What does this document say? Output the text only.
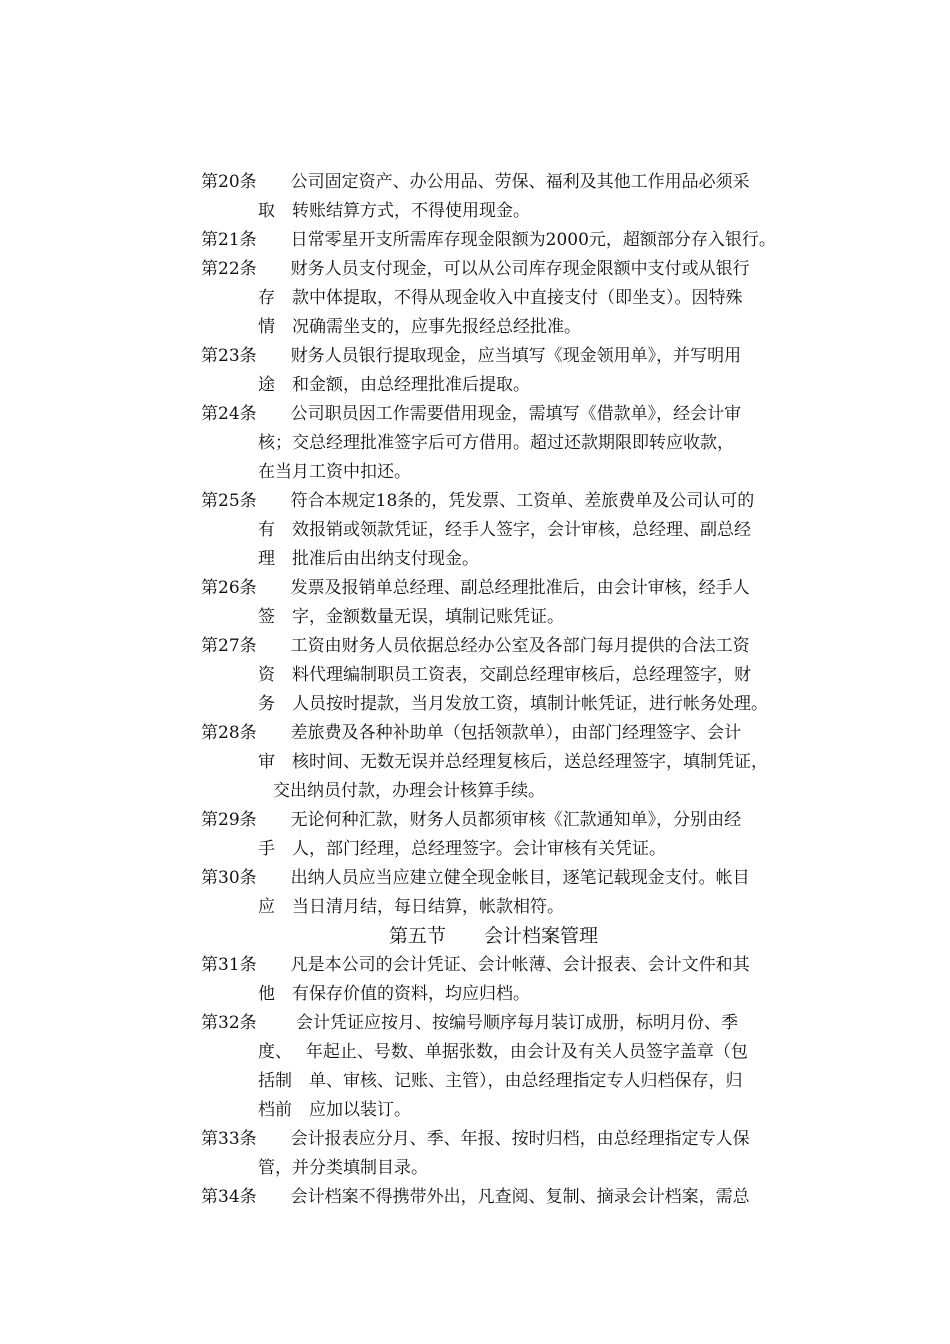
第20条　　公司固定资产、办公用品、劳保、福利及其他工作用品必须采
取　转账结算方式，不得使用现金。
第21条　　日常零星开支所需库存现金限额为2000元，超额部分存入银行。
第22条　　财务人员支付现金，可以从公司库存现金限额中支付或从银行
存　款中体提取，不得从现金收入中直接支付（即坐支）。因特殊
情　况确需坐支的，应事先报经总经批准。
第23条　　财务人员银行提取现金，应当填写《现金领用单》，并写明用
途　和金额，由总经理批准后提取。
第24条　　公司职员因工作需要借用现金，需填写《借款单》，经会计审
核；交总经理批准签字后可方借用。超过还款期限即转应收款，
在当月工资中扣还。
第25条　　符合本规定18条的，凭发票、工资单、差旅费单及公司认可的
有　效报销或领款凭证，经手人签字，会计审核，总经理、副总经
理　批准后由出纳支付现金。
第26条　　发票及报销单总经理、副总经理批准后，由会计审核，经手人
签　字，金额数量无误，填制记账凭证。
第27条　　工资由财务人员依据总经办公室及各部门每月提供的合法工资
资　料代理编制职员工资表，交副总经理审核后，总经理签字，财
务　人员按时提款，当月发放工资，填制计帐凭证，进行帐务处理。
第28条　　差旅费及各种补助单（包括领款单），由部门经理签字、会计
审　核时间、无数无误并总经理复核后，送总经理签字，填制凭证，
交出纳员付款，办理会计核算手续。
第29条　　无论何种汇款，财务人员都须审核《汇款通知单》，分别由经
手　人，部门经理，总经理签字。会计审核有关凭证。
第30条　　出纳人员应当应建立健全现金帐目，逐笔记载现金支付。帐目
应　当日清月结，每日结算，帐款相符。
第五节　　会计档案管理
第31条　　凡是本公司的会计凭证、会计帐薄、会计报表、会计文件和其
他　有保存价值的资料，均应归档。
第32条　　 会计凭证应按月、按编号顺序每月装订成册，标明月份、季
度、　 年起止、号数、单据张数，由会计及有关人员签字盖章（包
括制　单、审核、记账、主管），由总经理指定专人归档保存，归
档前　应加以装订。
第33条　　会计报表应分月、季、年报、按时归档，由总经理指定专人保
管，并分类填制目录。
第34条　　会计档案不得携带外出，凡查阅、复制、摘录会计档案，需总
